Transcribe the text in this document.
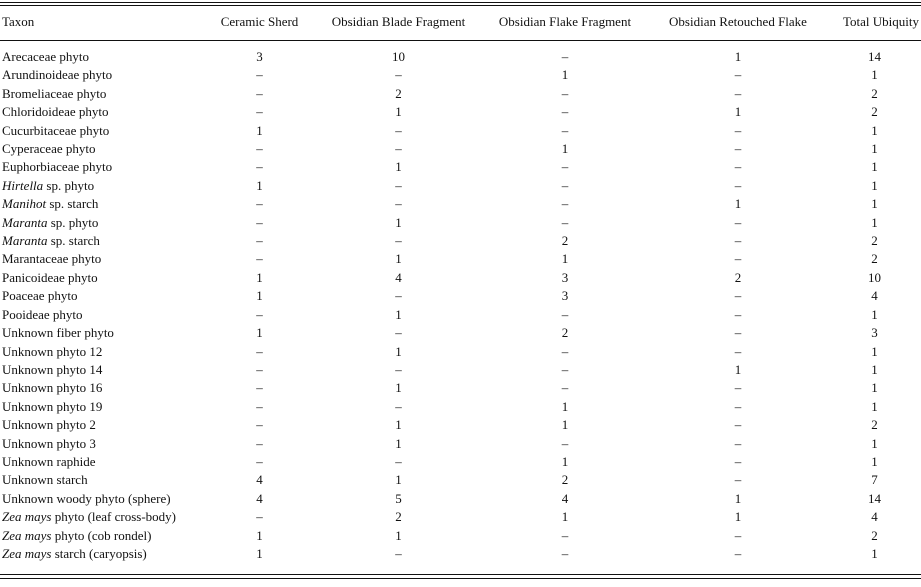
Taxon	Ceramic Sherd	Obsidian Blade Fragment	Obsidian Flake Fragment	Obsidian Retouched Flake	Total Ubiquity

Arecaceae phyto	3	10	–	1	14
Arundinoideae phyto	–	–	1	–	1
Bromeliaceae phyto	–	2	–	–	2
Chloridoideae phyto	–	1	–	1	2
Cucurbitaceae phyto	1	–	–	–	1
Cyperaceae phyto	–	–	1	–	1
Euphorbiaceae phyto	–	1	–	–	1
Hirtella sp. phyto	1	–	–	–	1
Manihot sp. starch	–	–	–	1	1
Maranta sp. phyto	–	1	–	–	1
Maranta sp. starch	–	–	2	–	2
Marantaceae phyto	–	1	1	–	2
Panicoideae phyto	1	4	3	2	10
Poaceae phyto	1	–	3	–	4
Pooideae phyto	–	1	–	–	1
Unknown fiber phyto	1	–	2	–	3
Unknown phyto 12	–	1	–	–	1
Unknown phyto 14	–	–	–	1	1
Unknown phyto 16	–	1	–	–	1
Unknown phyto 19	–	–	1	–	1
Unknown phyto 2	–	1	1	–	2
Unknown phyto 3	–	1	–	–	1
Unknown raphide	–	–	1	–	1
Unknown starch	4	1	2	–	7
Unknown woody phyto (sphere)	4	5	4	1	14
Zea mays phyto (leaf cross-body)	–	2	1	1	4
Zea mays phyto (cob rondel)	1	1	–	–	2
Zea mays starch (caryopsis)	1	–	–	–	1
